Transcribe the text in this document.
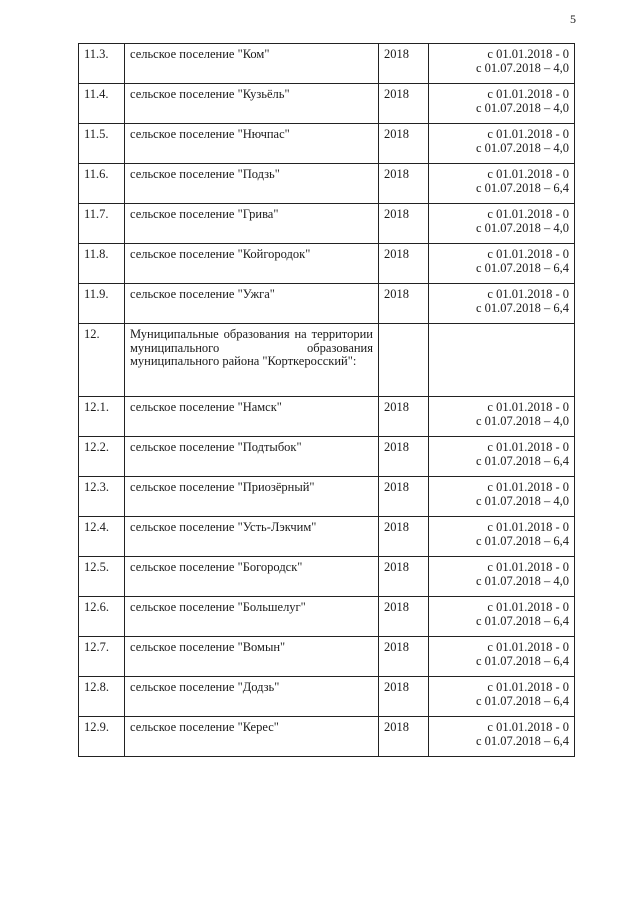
5
11.3.	сельское поселение "Ком"	2018	с 01.01.2018 - 0
с 01.07.2018 – 4,0

11.4.	сельское поселение "Кузьёль"	2018	с 01.01.2018 - 0
с 01.07.2018 – 4,0

11.5.	сельское поселение "Нючпас"	2018	с 01.01.2018 - 0
с 01.07.2018 – 4,0

11.6.	сельское поселение "Подзь"	2018	с 01.01.2018 - 0
с 01.07.2018 – 6,4

11.7.	сельское поселение "Грива"	2018	с 01.01.2018 - 0
с 01.07.2018 – 4,0

11.8.	сельское поселение "Койгородок"	2018	с 01.01.2018 - 0
с 01.07.2018 – 6,4

11.9.	сельское поселение "Ужга"	2018	с 01.01.2018 - 0
с 01.07.2018 – 6,4

12.	Муниципальные образования на территории муниципального образования муниципального района "Корткеросский":		

12.1.	сельское поселение "Намск"	2018	с 01.01.2018 - 0
с 01.07.2018 – 4,0

12.2.	сельское поселение "Подтыбок"	2018	с 01.01.2018 - 0
с 01.07.2018 – 6,4

12.3.	сельское поселение "Приозёрный"	2018	с 01.01.2018 - 0
с 01.07.2018 – 4,0

12.4.	сельское поселение "Усть-Лэкчим"	2018	с 01.01.2018 - 0
с 01.07.2018 – 6,4

12.5.	сельское поселение "Богородск"	2018	с 01.01.2018 - 0
с 01.07.2018 – 4,0

12.6.	сельское поселение "Большелуг"	2018	с 01.01.2018 - 0
с 01.07.2018 – 6,4

12.7.	сельское поселение "Вомын"	2018	с 01.01.2018 - 0
с 01.07.2018 – 6,4

12.8.	сельское поселение "Додзь"	2018	с 01.01.2018 - 0
с 01.07.2018 – 6,4

12.9.	сельское поселение "Керес"	2018	с 01.01.2018 - 0
с 01.07.2018 – 6,4
